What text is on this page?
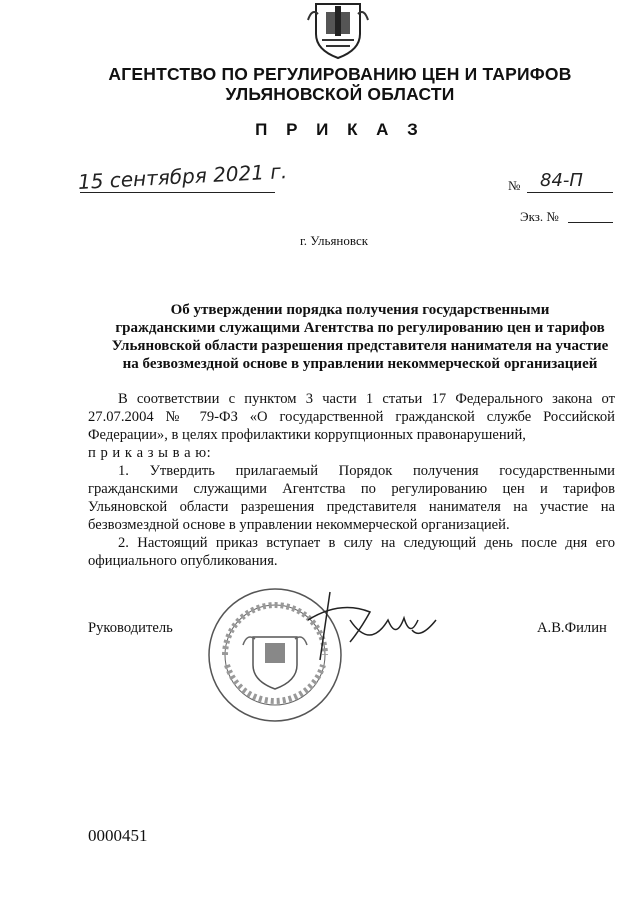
АГЕНТСТВО ПО РЕГУЛИРОВАНИЮ ЦЕН И ТАРИФОВ
УЛЬЯНОВСКОЙ ОБЛАСТИ
П Р И К А З
15 сентября 2021 г.	№ 84-П
Экз. №
г. Ульяновск
Об утверждении порядка получения государственными
гражданскими служащими Агентства по регулированию цен и тарифов
Ульяновской области разрешения представителя нанимателя на участие
на безвозмездной основе в управлении некоммерческой организацией

В соответствии с пунктом 3 части 1 статьи 17 Федерального закона от 27.07.2004 № 79-ФЗ «О государственной гражданской службе Российской Федерации», в целях профилактики коррупционных правонарушений,

п р и к а з ы в а ю:

1. Утвердить прилагаемый Порядок получения государственными гражданскими служащими Агентства по регулированию цен и тарифов Ульяновской области разрешения представителя нанимателя на участие на безвозмездной основе в управлении некоммерческой организацией.

2. Настоящий приказ вступает в силу на следующий день после дня его официального опубликования.

Руководитель	А.В.Филин
0000451
